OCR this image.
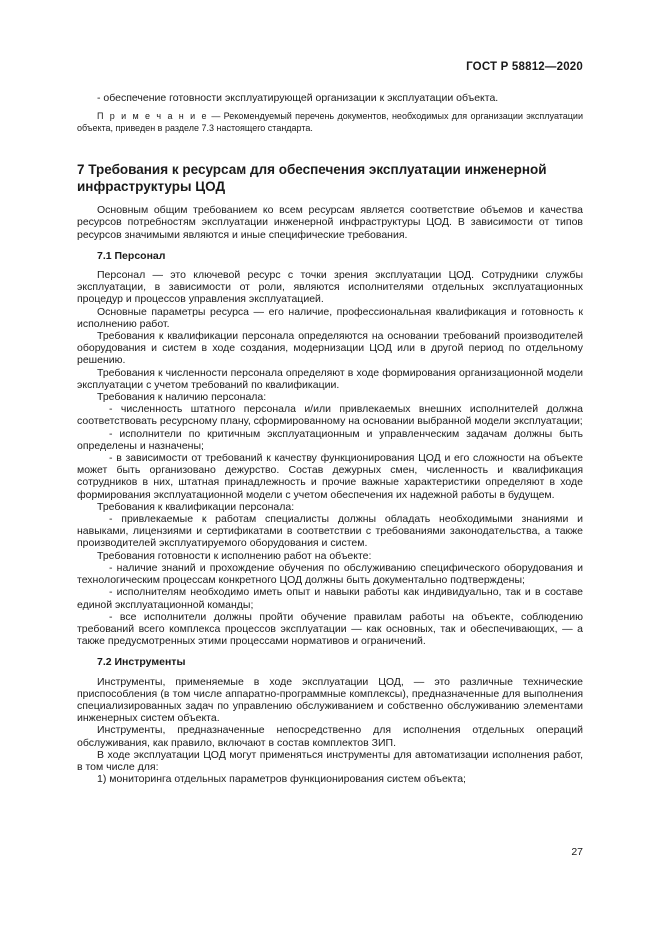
ГОСТ Р 58812—2020

‐ обеспечение готовности эксплуатирующей организации к эксплуатации объекта.

П р и м е ч а н и е — Рекомендуемый перечень документов, необходимых для организации эксплуатации объекта, приведен в разделе 7.3 настоящего стандарта.

7 Требования к ресурсам для обеспечения эксплуатации инженерной инфраструктуры ЦОД

Основным общим требованием ко всем ресурсам является соответствие объемов и качества ресурсов потребностям эксплуатации инженерной инфраструктуры ЦОД. В зависимости от типов ресурсов значимыми являются и иные специфические требования.

7.1 Персонал

Персонал — это ключевой ресурс с точки зрения эксплуатации ЦОД. Сотрудники службы эксплуатации, в зависимости от роли, являются исполнителями отдельных эксплуатационных процедур и процессов управления эксплуатацией.

Основные параметры ресурса — его наличие, профессиональная квалификация и готовность к исполнению работ.

Требования к квалификации персонала определяются на основании требований производителей оборудования и систем в ходе создания, модернизации ЦОД или в другой период по отдельному решению.

Требования к численности персонала определяют в ходе формирования организационной модели эксплуатации с учетом требований по квалификации.

Требования к наличию персонала:

‐ численность штатного персонала и/или привлекаемых внешних исполнителей должна соответствовать ресурсному плану, сформированному на основании выбранной модели эксплуатации;

‐ исполнители по критичным эксплуатационным и управленческим задачам должны быть определены и назначены;

‐ в зависимости от требований к качеству функционирования ЦОД и его сложности на объекте может быть организовано дежурство. Состав дежурных смен, численность и квалификация сотрудников в них, штатная принадлежность и прочие важные характеристики определяют в ходе формирования эксплуатационной модели с учетом обеспечения их надежной работы в будущем.

Требования к квалификации персонала:

‐ привлекаемые к работам специалисты должны обладать необходимыми знаниями и навыками, лицензиями и сертификатами в соответствии с требованиями законодательства, а также производителей эксплуатируемого оборудования и систем.

Требования готовности к исполнению работ на объекте:

‐ наличие знаний и прохождение обучения по обслуживанию специфического оборудования и технологическим процессам конкретного ЦОД должны быть документально подтверждены;

‐ исполнителям необходимо иметь опыт и навыки работы как индивидуально, так и в составе единой эксплуатационной команды;

‐ все исполнители должны пройти обучение правилам работы на объекте, соблюдению требований всего комплекса процессов эксплуатации — как основных, так и обеспечивающих, — а также предусмотренных этими процессами нормативов и ограничений.

7.2 Инструменты

Инструменты, применяемые в ходе эксплуатации ЦОД, — это различные технические приспособления (в том числе аппаратно-программные комплексы), предназначенные для выполнения специализированных задач по управлению обслуживанием и собственно обслуживанию элементами инженерных систем объекта.

Инструменты, предназначенные непосредственно для исполнения отдельных операций обслуживания, как правило, включают в состав комплектов ЗИП.

В ходе эксплуатации ЦОД могут применяться инструменты для автоматизации исполнения работ, в том числе для:

1) мониторинга отдельных параметров функционирования систем объекта;

27
